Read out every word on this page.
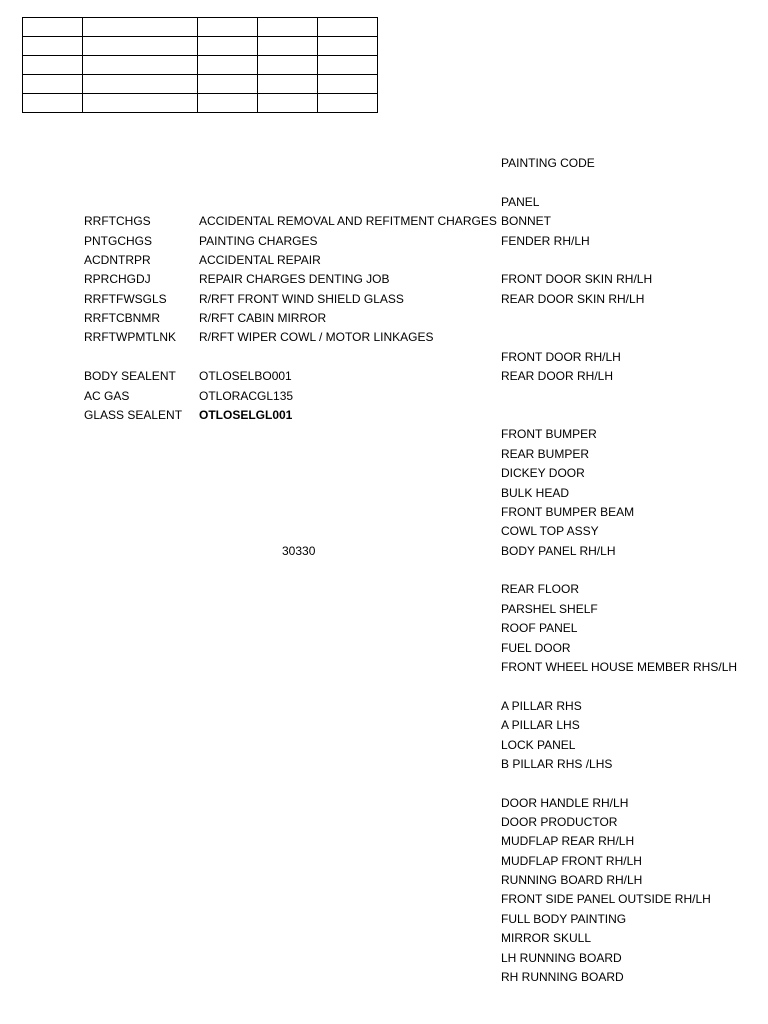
RRFTCHGS	ACCIDENTAL REMOVAL AND REFITMENT CHARGES
PNTGCHGS	PAINTING CHARGES
ACDNTRPR	ACCIDENTAL REPAIR
RPRCHGDJ	REPAIR CHARGES DENTING JOB
RRFTFWSGLS	R/RFT FRONT WIND SHIELD GLASS
RRFTCBNMR	R/RFT CABIN MIRROR
RRFTWPMTLNK R/RFT WIPER COWL / MOTOR LINKAGES
BODY SEALENT OTLOSELBO001
AC GAS	OTLORACGL135
GLASS SEALENT OTLOSELGL001
30330
PAINTING CODE
PANEL
BONNET
FENDER RH/LH
FRONT DOOR SKIN RH/LH
REAR DOOR SKIN RH/LH
FRONT DOOR RH/LH
REAR DOOR RH/LH
FRONT BUMPER
REAR BUMPER
DICKEY DOOR
BULK HEAD
FRONT BUMPER BEAM
COWL TOP ASSY
BODY PANEL RH/LH
REAR FLOOR
PARSHEL SHELF
ROOF PANEL
FUEL DOOR
FRONT WHEEL HOUSE MEMBER RHS/LH
A PILLAR RHS
A PILLAR LHS
LOCK PANEL
B PILLAR RHS /LHS
DOOR HANDLE RH/LH
DOOR PRODUCTOR
MUDFLAP REAR RH/LH
MUDFLAP FRONT RH/LH
RUNNING BOARD RH/LH
FRONT SIDE PANEL OUTSIDE RH/LH
FULL BODY PAINTING
MIRROR SKULL
LH RUNNING BOARD
RH RUNNING BOARD
